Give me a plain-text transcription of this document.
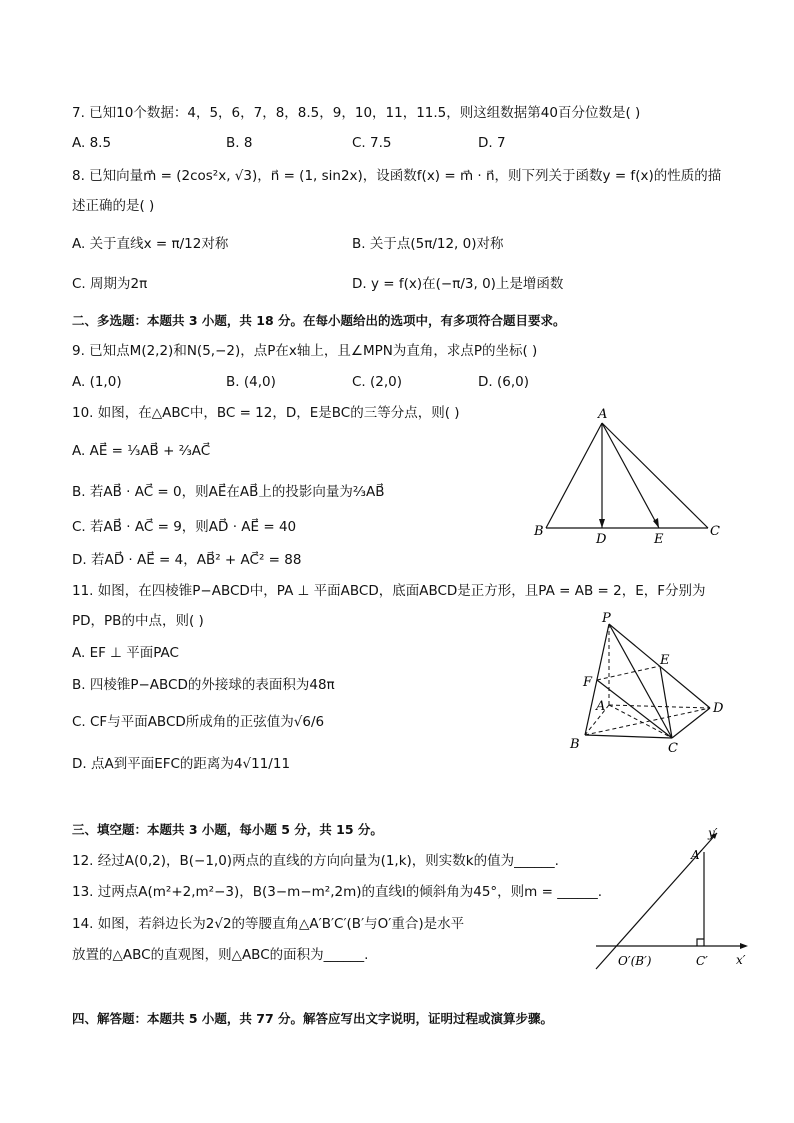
7. 已知10个数据：4，5，6，7，8，8.5，9，10，11，11.5，则这组数据第40百分位数是( )
A. 8.5	B. 8	C. 7.5	D. 7
8. 已知向量m⃗ = (2cos²x, √3)，n⃗ = (1, sin2x)，设函数f(x) = m⃗ · n⃗，则下列关于函数y = f(x)的性质的描
述正确的是( )
A. 关于直线x = π/12对称	B. 关于点(5π/12, 0)对称
C. 周期为2π	D. y = f(x)在(−π/3, 0)上是增函数
二、多选题：本题共 3 小题，共 18 分。在每小题给出的选项中，有多项符合题目要求。
9. 已知点M(2,2)和N(5,−2)，点P在x轴上，且∠MPN为直角，求点P的坐标( )
A. (1,0)	B. (4,0)	C. (2,0)	D. (6,0)
10. 如图，在△ABC中，BC = 12，D，E是BC的三等分点，则( )
A. AE⃗ = ⅓AB⃗ + ⅔AC⃗
B. 若AB⃗ · AC⃗ = 0，则AE⃗在AB⃗上的投影向量为⅔AB⃗
C. 若AB⃗ · AC⃗ = 9，则AD⃗ · AE⃗ = 40
D. 若AD⃗ · AE⃗ = 4，AB⃗² + AC⃗² = 88
A
B	C
D	E
11. 如图，在四棱锥P−ABCD中，PA ⊥ 平面ABCD，底面ABCD是正方形，且PA = AB = 2，E，F分别为
PD，PB的中点，则( )
A. EF ⊥ 平面PAC
B. 四棱锥P−ABCD的外接球的表面积为48π
C. CF与平面ABCD所成角的正弦值为√6/6
D. 点A到平面EFC的距离为4√11/11
P
A
B	C
D
E
F
三、填空题：本题共 3 小题，每小题 5 分，共 15 分。
12. 经过A(0,2)，B(−1,0)两点的直线的方向向量为(1,k)，则实数k的值为______.
13. 过两点A(m²+2,m²−3)，B(3−m−m²,2m)的直线l的倾斜角为45°，则m = ______.
14. 如图，若斜边长为2√2的等腰直角△A′B′C′(B′与O′重合)是水平
放置的△ABC的直观图，则△ABC的面积为______.
y′
A′
O′(B′)	C′ x′
四、解答题：本题共 5 小题，共 77 分。解答应写出文字说明，证明过程或演算步骤。
